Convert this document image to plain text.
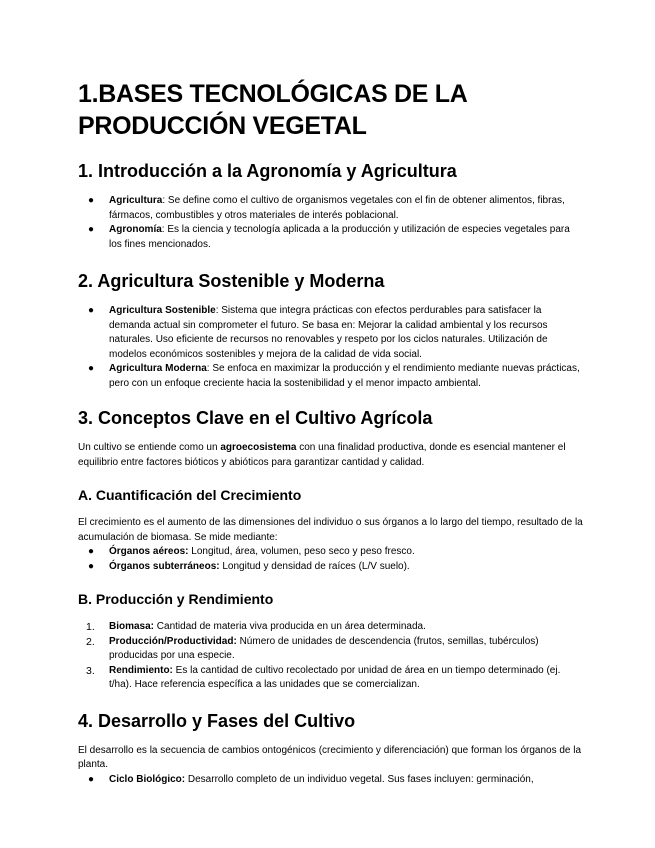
1.BASES TECNOLÓGICAS DE LA PRODUCCIÓN VEGETAL
1. Introducción a la Agronomía y Agricultura
● Agricultura: Se define como el cultivo de organismos vegetales con el fin de obtener alimentos, fibras, fármacos, combustibles y otros materiales de interés poblacional.
● Agronomía: Es la ciencia y tecnología aplicada a la producción y utilización de especies vegetales para los fines mencionados.
2. Agricultura Sostenible y Moderna
● Agricultura Sostenible: Sistema que integra prácticas con efectos perdurables para satisfacer la demanda actual sin comprometer el futuro. Se basa en: Mejorar la calidad ambiental y los recursos naturales. Uso eficiente de recursos no renovables y respeto por los ciclos naturales. Utilización de modelos económicos sostenibles y mejora de la calidad de vida social.
● Agricultura Moderna: Se enfoca en maximizar la producción y el rendimiento mediante nuevas prácticas, pero con un enfoque creciente hacia la sostenibilidad y el menor impacto ambiental.
3. Conceptos Clave en el Cultivo Agrícola

Un cultivo se entiende como un agroecosistema con una finalidad productiva, donde es esencial mantener el equilibrio entre factores bióticos y abióticos para garantizar cantidad y calidad.

A. Cuantificación del Crecimiento

El crecimiento es el aumento de las dimensiones del individuo o sus órganos a lo largo del tiempo, resultado de la acumulación de biomasa. Se mide mediante:

● Órganos aéreos: Longitud, área, volumen, peso seco y peso fresco.
● Órganos subterráneos: Longitud y densidad de raíces (L/V suelo).
B. Producción y Rendimiento
1. Biomasa: Cantidad de materia viva producida en un área determinada.
2. Producción/Productividad: Número de unidades de descendencia (frutos, semillas, tubérculos) producidas por una especie.
3. Rendimiento: Es la cantidad de cultivo recolectado por unidad de área en un tiempo determinado (ej. t/ha). Hace referencia específica a las unidades que se comercializan.
4. Desarrollo y Fases del Cultivo

El desarrollo es la secuencia de cambios ontogénicos (crecimiento y diferenciación) que forman los órganos de la planta.

● Ciclo Biológico: Desarrollo completo de un individuo vegetal. Sus fases incluyen: germinación,
